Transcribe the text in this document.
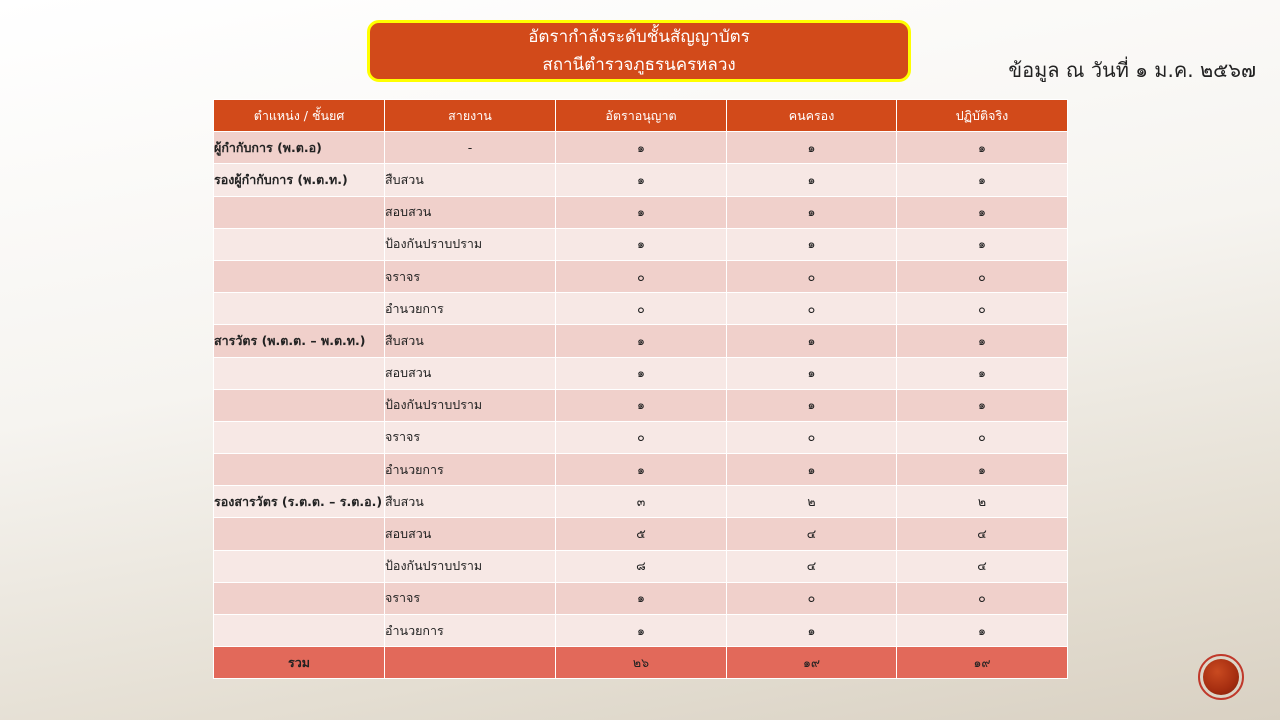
อัตรากำลังระดับชั้นสัญญาบัตร
สถานีตำรวจภูธรนครหลวง	ข้อมูล ณ วันที่ ๑ ม.ค. ๒๕๖๗
ตำแหน่ง / ชั้นยศ	สายงาน	อัตราอนุญาต	คนครอง	ปฏิบัติจริง
ผู้กำกับการ (พ.ต.อ)	-	๑	๑	๑
รองผู้กำกับการ (พ.ต.ท.)	สืบสวน	๑	๑	๑
	สอบสวน	๑	๑	๑
	ป้องกันปราบปราม	๑	๑	๑
	จราจร	๐	๐	๐
	อำนวยการ	๐	๐	๐
สารวัตร (พ.ต.ต. – พ.ต.ท.)	สืบสวน	๑	๑	๑
	สอบสวน	๑	๑	๑
	ป้องกันปราบปราม	๑	๑	๑
	จราจร	๐	๐	๐
	อำนวยการ	๑	๑	๑
รองสารวัตร (ร.ต.ต. – ร.ต.อ.)	สืบสวน	๓	๒	๒
	สอบสวน	๕	๔	๔
	ป้องกันปราบปราม	๘	๔	๔
	จราจร	๑	๐	๐
	อำนวยการ	๑	๑	๑
รวม		๒๖	๑๙	๑๙
